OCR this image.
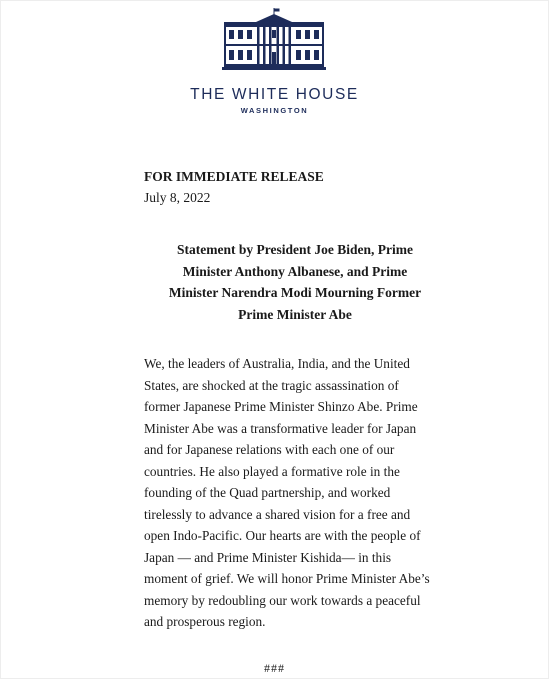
THE WHITE HOUSE
WASHINGTON
FOR IMMEDIATE RELEASE
July 8, 2022
Statement by President Joe Biden, Prime
Minister Anthony Albanese, and Prime
Minister Narendra Modi Mourning Former
Prime Minister Abe
We, the leaders of Australia, India, and the United
States, are shocked at the tragic assassination of
former Japanese Prime Minister Shinzo Abe. Prime
Minister Abe was a transformative leader for Japan
and for Japanese relations with each one of our
countries. He also played a formative role in the
founding of the Quad partnership, and worked
tirelessly to advance a shared vision for a free and
open Indo-Pacific. Our hearts are with the people of
Japan — and Prime Minister Kishida— in this
moment of grief. We will honor Prime Minister Abe’s
memory by redoubling our work towards a peaceful
and prosperous region.
###
